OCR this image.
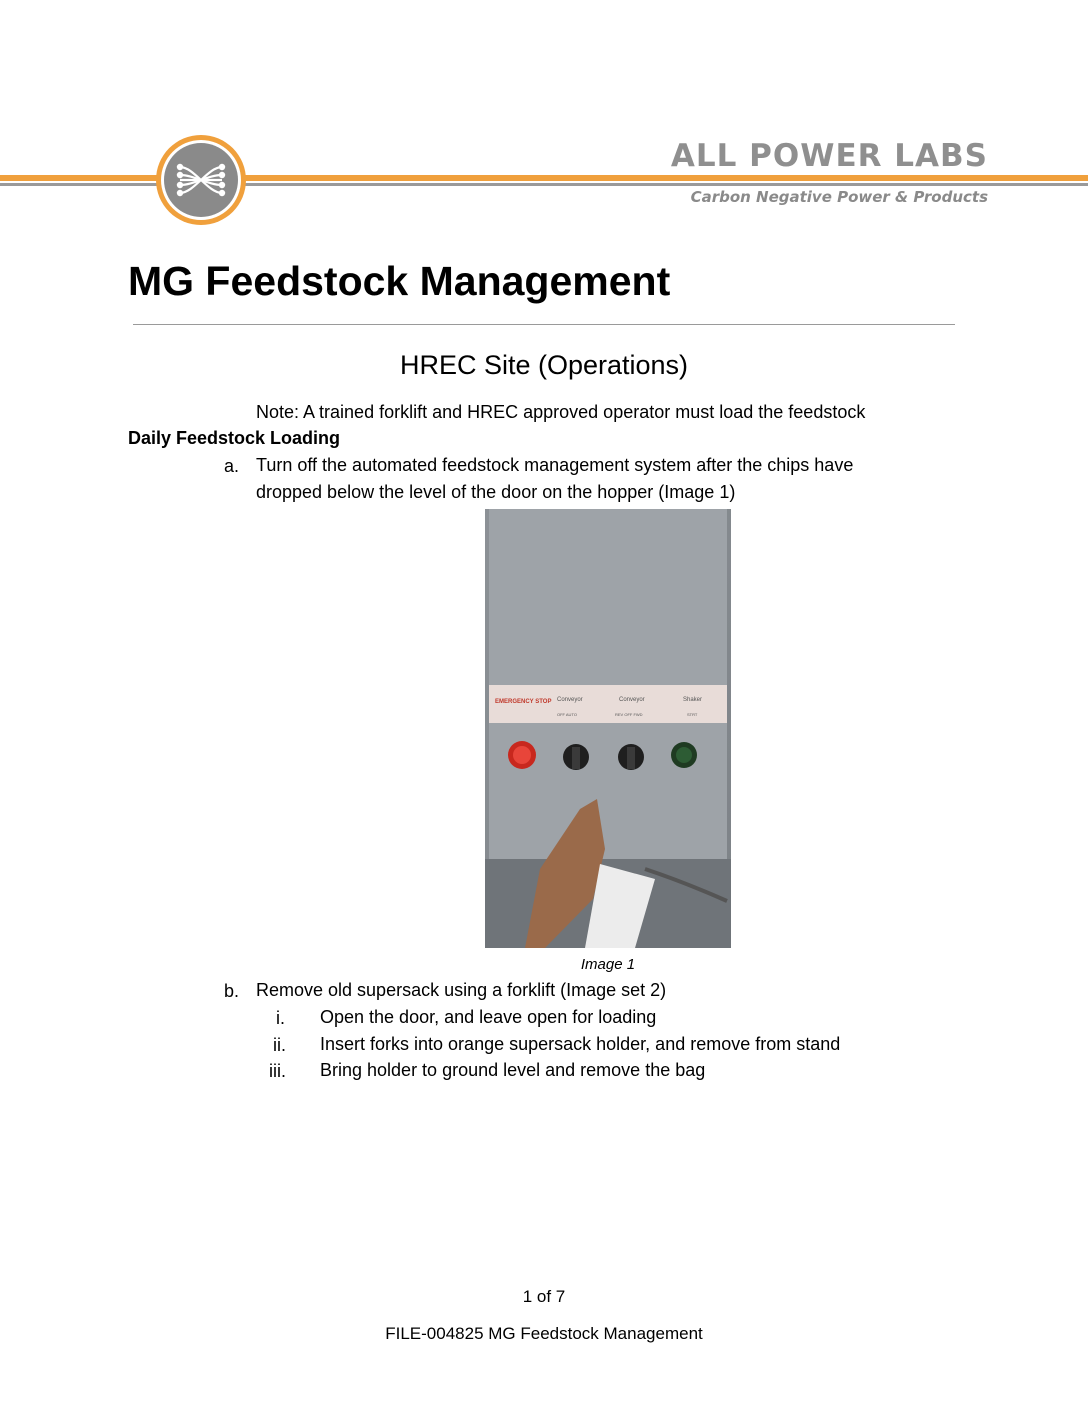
ALL POWER LABS
Carbon Negative Power & Products
MG Feedstock Management
HREC Site (Operations)
Note: A trained forklift and HREC approved operator must load the feedstock
Daily Feedstock Loading
a. Turn off the automated feedstock management system after the chips have
dropped below the level of the door on the hopper (Image 1)
EMERGENCY STOP Conveyor
OFF AUTO
Conveyor
REV OFF FWD
Shaker
STRT
Image 1
b. Remove old supersack using a forklift (Image set 2)
i. Open the door, and leave open for loading
ii. Insert forks into orange supersack holder, and remove from stand
iii. Bring holder to ground level and remove the bag
1 of 7
FILE-004825 MG Feedstock Management
